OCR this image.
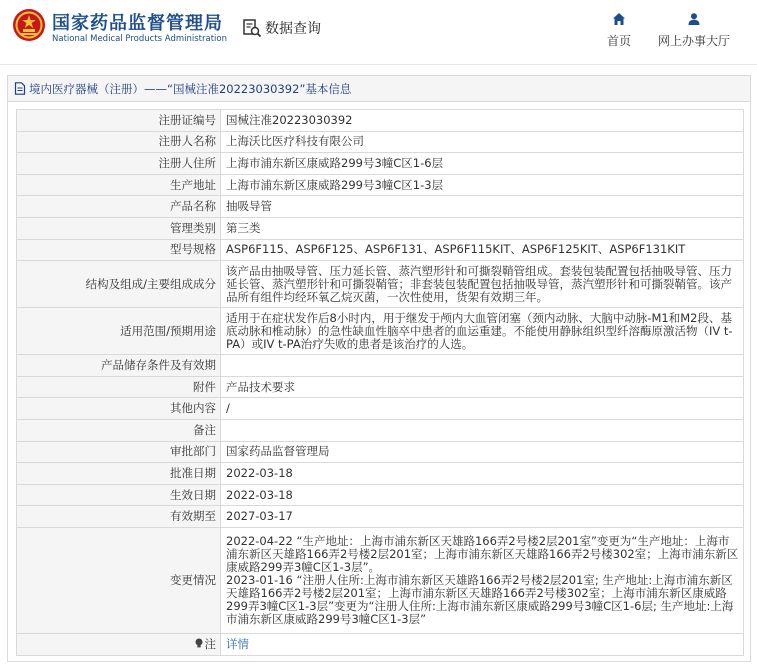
国家药品监督管理局
National Medical Products Administration
数据查询
首页 网上办事大厅
境内医疗器械（注册）——“国械注准20223030392”基本信息
注册证编号	国械注准20223030392
注册人名称	上海沃比医疗科技有限公司
注册人住所	上海市浦东新区康威路299号3幢C区1-6层
生产地址	上海市浦东新区康威路299号3幢C区1-3层
产品名称	抽吸导管
管理类别	第三类
型号规格	ASP6F115、ASP6F125、ASP6F131、ASP6F115KIT、ASP6F125KIT、ASP6F131KIT
结构及组成/主要组成成分	该产品由抽吸导管、压力延长管、蒸汽塑形针和可撕裂鞘管组成。套装包装配置包括抽吸导管、压力延长管、蒸汽塑形针和可撕裂鞘管；非套装包装配置包括抽吸导管，蒸汽塑形针和可撕裂鞘管。该产品所有组件均经环氧乙烷灭菌，一次性使用，货架有效期三年。
适用范围/预期用途	适用于在症状发作后8小时内，用于继发于颅内大血管闭塞（颈内动脉、大脑中动脉-M1和M2段、基底动脉和椎动脉）的急性缺血性脑卒中患者的血运重建。不能使用静脉组织型纤溶酶原激活物（IV t-PA）或IV t-PA治疗失败的患者是该治疗的人选。
产品储存条件及有效期	
附件	产品技术要求
其他内容	/
备注	
审批部门	国家药品监督管理局
批准日期	2022-03-18
生效日期	2022-03-18
有效期至	2027-03-17
变更情况	2022-04-22 “生产地址：上海市浦东新区天雄路166弄2号楼2层201室”变更为“生产地址：上海市浦东新区天雄路166弄2号楼2层201室；上海市浦东新区天雄路166弄2号楼302室；上海市浦东新区康威路299弄3幢C区1-3层”。
2023-01-16 “注册人住所:上海市浦东新区天雄路166弄2号楼2层201室; 生产地址:上海市浦东新区天雄路166弄2号楼2层201室；上海市浦东新区天雄路166弄2号楼302室；上海市浦东新区康威路299弄3幢C区1-3层”变更为“注册人住所:上海市浦东新区康威路299号3幢C区1-6层; 生产地址:上海市浦东新区康威路299号3幢C区1-3层”

注	详情
